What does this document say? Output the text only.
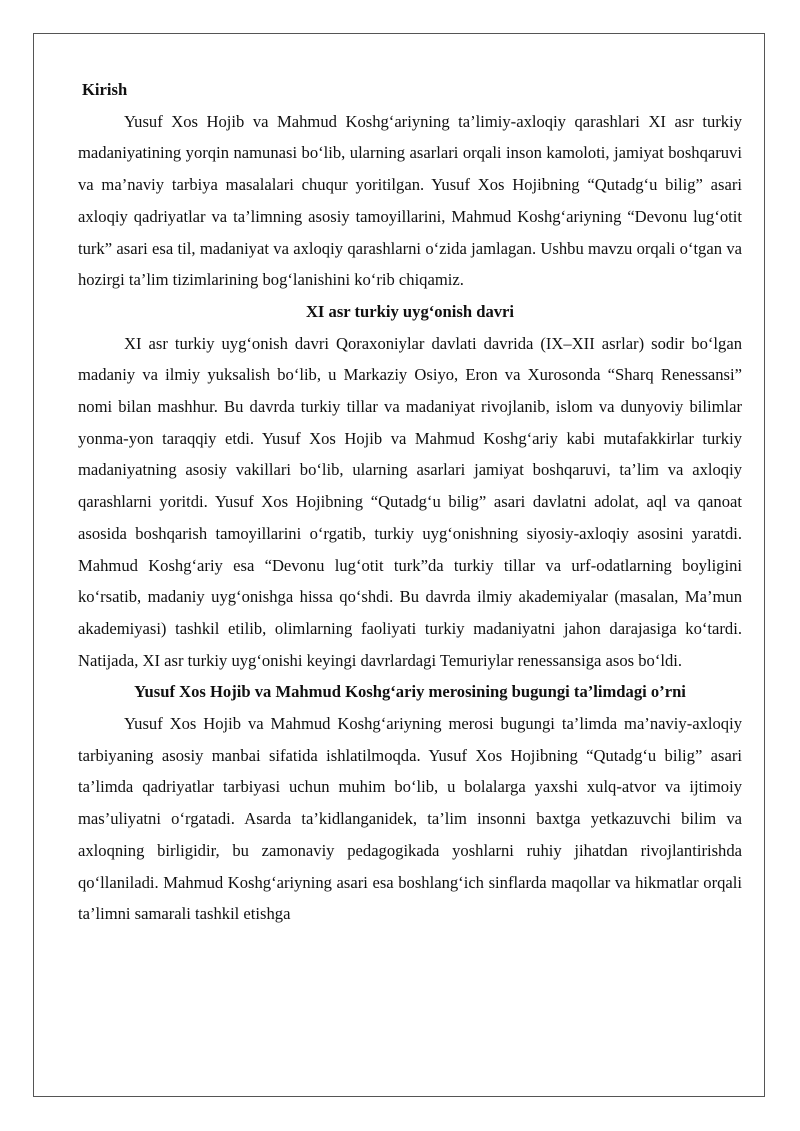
Kirish

Yusuf Xos Hojib va Mahmud Koshg‘ariyning ta’limiy-axloqiy qarashlari XI asr turkiy madaniyatining yorqin namunasi bo‘lib, ularning asarlari orqali inson kamoloti, jamiyat boshqaruvi va ma’naviy tarbiya masalalari chuqur yoritilgan. Yusuf Xos Hojibning “Qutadg‘u bilig” asari axloqiy qadriyatlar va ta’limning asosiy tamoyillarini, Mahmud Koshg‘ariyning “Devonu lug‘otit turk” asari esa til, madaniyat va axloqiy qarashlarni o‘zida jamlagan. Ushbu mavzu orqali o‘tgan va hozirgi ta’lim tizimlarining bog‘lanishini ko‘rib chiqamiz.

XI asr turkiy uyg‘onish davri

XI asr turkiy uyg‘onish davri Qoraxoniylar davlati davrida (IX–XII asrlar) sodir bo‘lgan madaniy va ilmiy yuksalish bo‘lib, u Markaziy Osiyo, Eron va Xurosonda “Sharq Renessansi” nomi bilan mashhur. Bu davrda turkiy tillar va madaniyat rivojlanib, islom va dunyoviy bilimlar yonma-yon taraqqiy etdi. Yusuf Xos Hojib va Mahmud Koshg‘ariy kabi mutafakkirlar turkiy madaniyatning asosiy vakillari bo‘lib, ularning asarlari jamiyat boshqaruvi, ta’lim va axloqiy qarashlarni yoritdi. Yusuf Xos Hojibning “Qutadg‘u bilig” asari davlatni adolat, aql va qanoat asosida boshqarish tamoyillarini o‘rgatib, turkiy uyg‘onishning siyosiy-axloqiy asosini yaratdi. Mahmud Koshg‘ariy esa “Devonu lug‘otit turk”da turkiy tillar va urf-odatlarning boyligini ko‘rsatib, madaniy uyg‘onishga hissa qo‘shdi. Bu davrda ilmiy akademiyalar (masalan, Ma’mun akademiyasi) tashkil etilib, olimlarning faoliyati turkiy madaniyatni jahon darajasiga ko‘tardi. Natijada, XI asr turkiy uyg‘onishi keyingi davrlardagi Temuriylar renessansiga asos bo‘ldi.

Yusuf Xos Hojib va Mahmud Koshg‘ariy merosining bugungi ta’limdagi o’rni

Yusuf Xos Hojib va Mahmud Koshg‘ariyning merosi bugungi ta’limda ma’naviy-axloqiy tarbiyaning asosiy manbai sifatida ishlatilmoqda. Yusuf Xos Hojibning “Qutadg‘u bilig” asari ta’limda qadriyatlar tarbiyasi uchun muhim bo‘lib, u bolalarga yaxshi xulq-atvor va ijtimoiy mas’uliyatni o‘rgatadi. Asarda ta’kidlanganidek, ta’lim insonni baxtga yetkazuvchi bilim va axloqning birligidir, bu zamonaviy pedagogikada yoshlarni ruhiy jihatdan rivojlantirishda qo‘llaniladi. Mahmud Koshg‘ariyning asari esa boshlang‘ich sinflarda maqollar va hikmatlar orqali ta’limni samarali tashkil etishga
